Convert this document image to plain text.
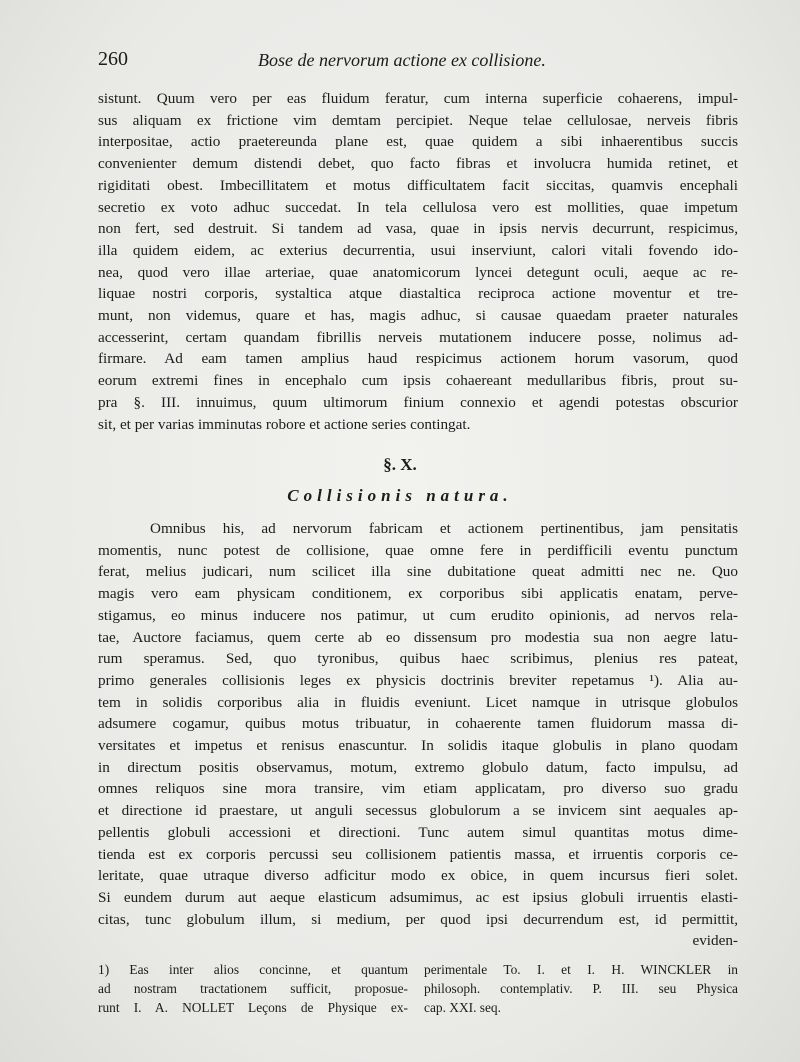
260	Bose de nervorum actione ex collisione.
sistunt. Quum vero per eas fluidum feratur, cum interna superficie cohaerens, impul-
sus aliquam ex frictione vim demtam percipiet. Neque telae cellulosae, nerveis fibris
interpositae, actio praetereunda plane est, quae quidem a sibi inhaerentibus succis
convenienter demum distendi debet, quo facto fibras et involucra humida retinet, et
rigiditati obest. Imbecillitatem et motus difficultatem facit siccitas, quamvis encephali
secretio ex voto adhuc succedat. In tela cellulosa vero est mollities, quae impetum
non fert, sed destruit. Si tandem ad vasa, quae in ipsis nervis decurrunt, respicimus,
illa quidem eidem, ac exterius decurrentia, usui inserviunt, calori vitali fovendo ido-
nea, quod vero illae arteriae, quae anatomicorum lyncei detegunt oculi, aeque ac re-
liquae nostri corporis, systaltica atque diastaltica reciproca actione moventur et tre-
munt, non videmus, quare et has, magis adhuc, si causae quaedam praeter naturales
accesserint, certam quandam fibrillis nerveis mutationem inducere posse, nolimus ad-
firmare. Ad eam tamen amplius haud respicimus actionem horum vasorum, quod
eorum extremi fines in encephalo cum ipsis cohaereant medullaribus fibris, prout su-
pra §. III. innuimus, quum ultimorum finium connexio et agendi potestas obscurior
sit, et per varias imminutas robore et actione series contingat.
§. X.
Collisionis natura.
Omnibus his, ad nervorum fabricam et actionem pertinentibus, jam pensitatis
momentis, nunc potest de collisione, quae omne fere in perdifficili eventu punctum
ferat, melius judicari, num scilicet illa sine dubitatione queat admitti nec ne. Quo
magis vero eam physicam conditionem, ex corporibus sibi applicatis enatam, perve-
stigamus, eo minus inducere nos patimur, ut cum erudito opinionis, ad nervos rela-
tae, Auctore faciamus, quem certe ab eo dissensum pro modestia sua non aegre latu-
rum speramus. Sed, quo tyronibus, quibus haec scribimus, plenius res pateat,
primo generales collisionis leges ex physicis doctrinis breviter repetamus ¹). Alia au-
tem in solidis corporibus alia in fluidis eveniunt. Licet namque in utrisque globulos
adsumere cogamur, quibus motus tribuatur, in cohaerente tamen fluidorum massa di-
versitates et impetus et renisus enascuntur. In solidis itaque globulis in plano quodam
in directum positis observamus, motum, extremo globulo datum, facto impulsu, ad
omnes reliquos sine mora transire, vim etiam applicatam, pro diverso suo gradu
et directione id praestare, ut anguli secessus globulorum a se invicem sint aequales ap-
pellentis globuli accessioni et directioni. Tunc autem simul quantitas motus dime-
tienda est ex corporis percussi seu collisionem patientis massa, et irruentis corporis ce-
leritate, quae utraque diverso adficitur modo ex obice, in quem incursus fieri solet.
Si eundem durum aut aeque elasticum adsumimus, ac est ipsius globuli irruentis elasti-
citas, tunc globulum illum, si medium, per quod ipsi decurrendum est, id permittit,
eviden-
1) Eas inter alios concinne, et quantum
ad nostram tractationem sufficit, proposue-
runt I. A. NOLLET Leçons de Physique ex-
perimentale To. I. et I. H. WINCKLER in
philosoph. contemplativ. P. III. seu Physica
cap. XXI. seq.
